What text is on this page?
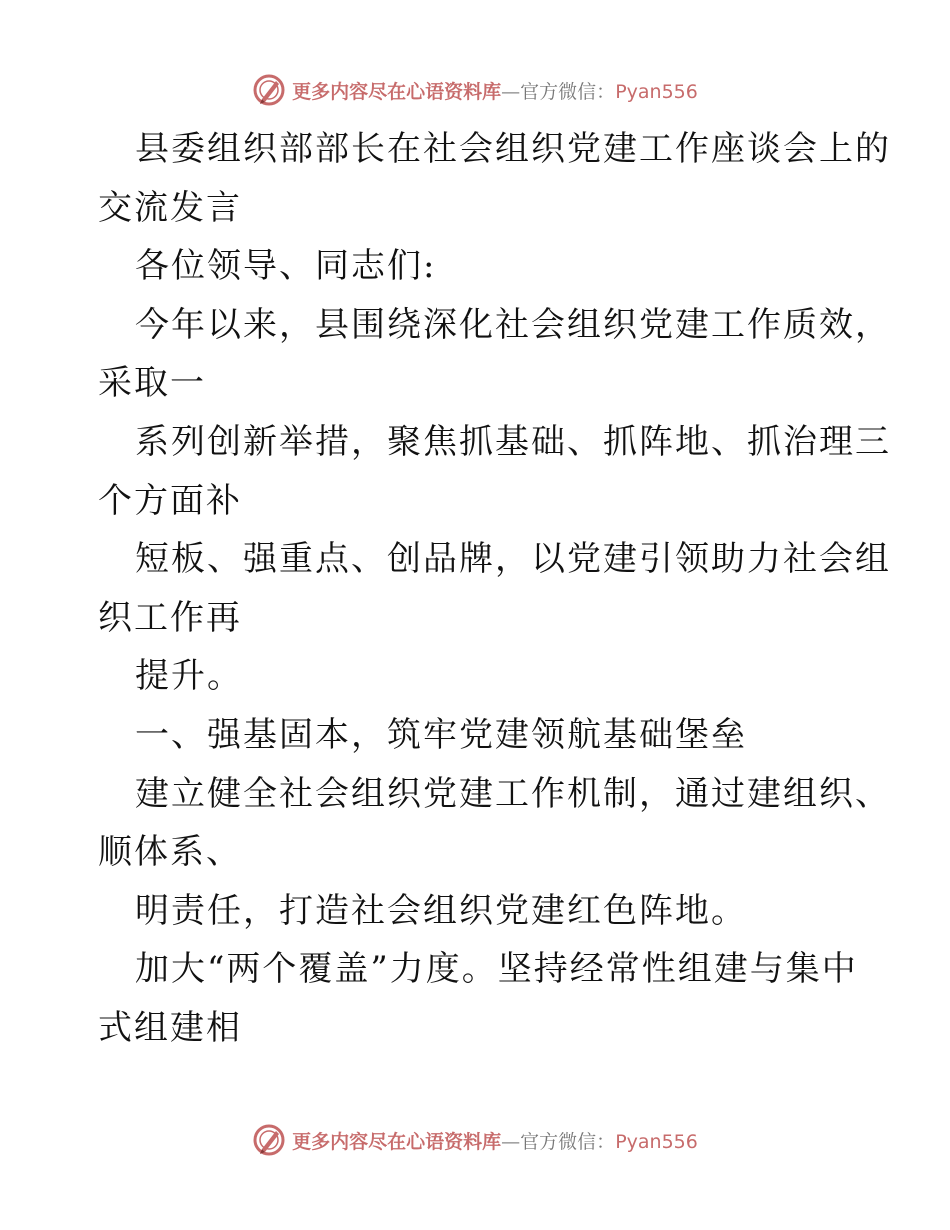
更多内容尽在心语资料库—官方微信：Pyan556
县委组织部部长在社会组织党建工作座谈会上的
交流发言
各位领导、同志们:
今年以来，县围绕深化社会组织党建工作质效，
采取一
系列创新举措，聚焦抓基础、抓阵地、抓治理三
个方面补
短板、强重点、创品牌，以党建引领助力社会组
织工作再
提升。
一、强基固本，筑牢党建领航基础堡垒
建立健全社会组织党建工作机制，通过建组织、
顺体系、
明责任，打造社会组织党建红色阵地。
加大“两个覆盖”力度。坚持经常性组建与集中
式组建相
更多内容尽在心语资料库—官方微信：Pyan556
